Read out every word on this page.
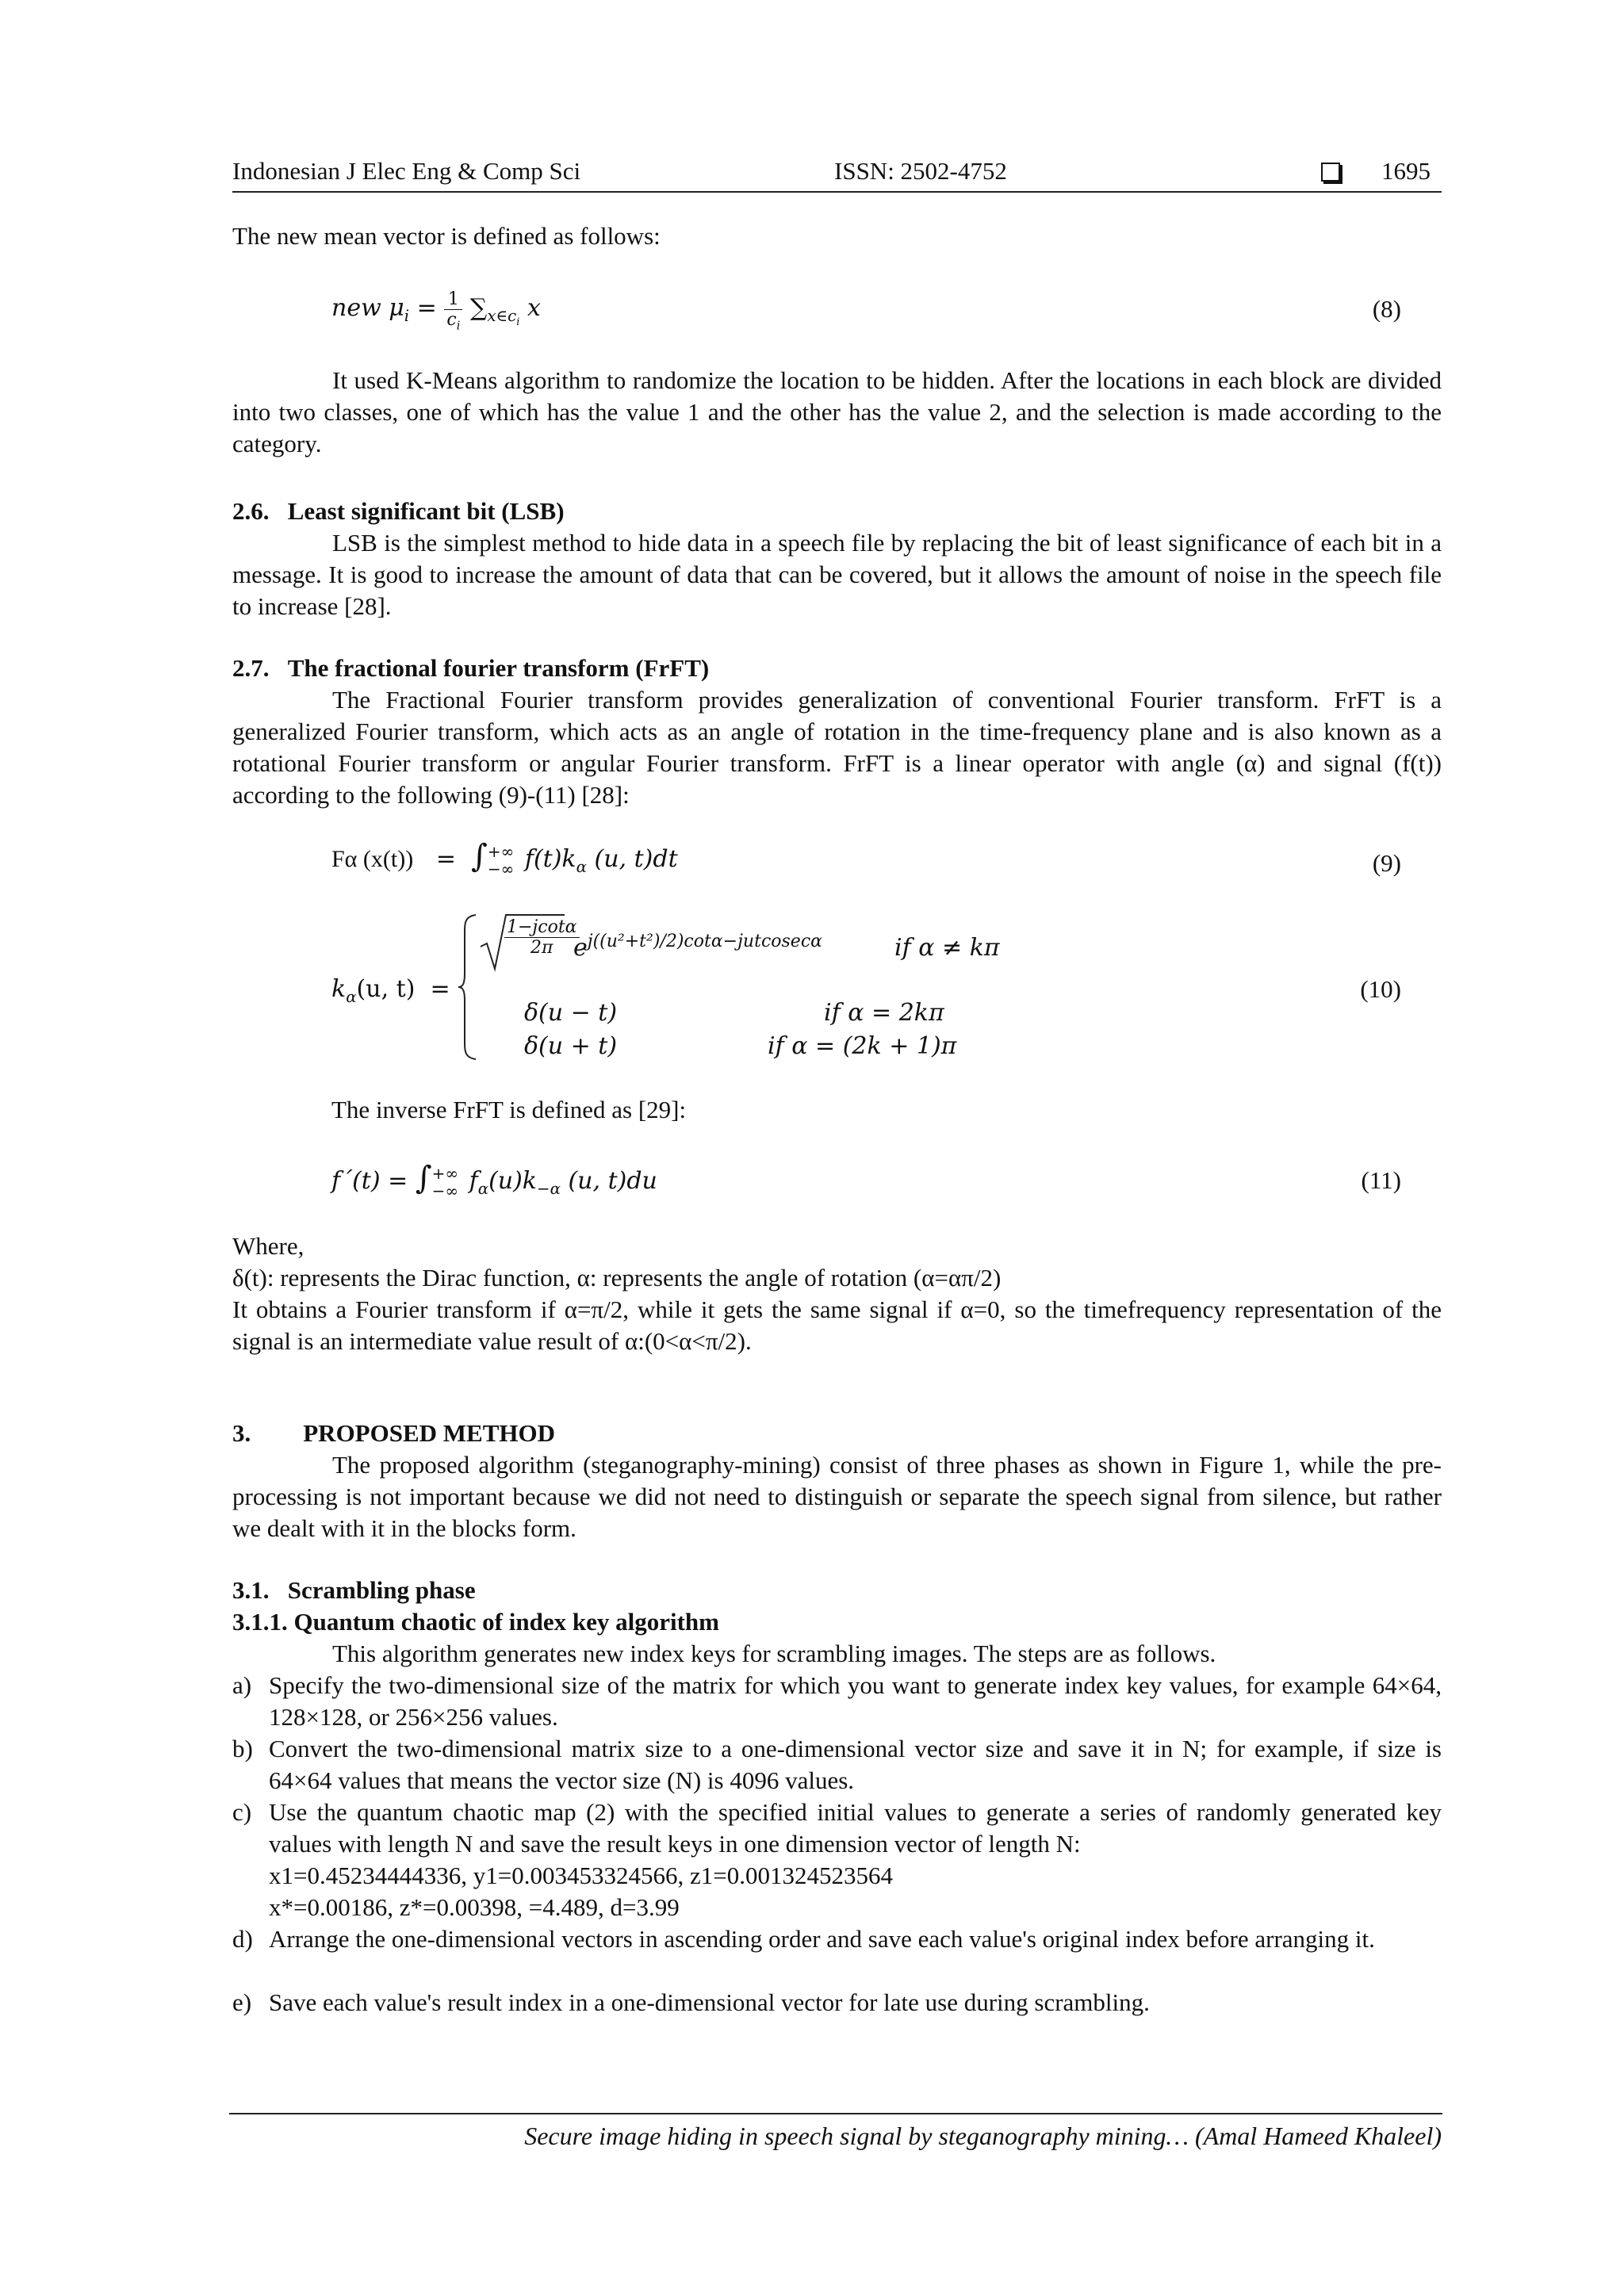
Indonesian J Elec Eng & Comp Sci	ISSN: 2502-4752	1695
The new mean vector is defined as follows:
new $\mu_i = \frac{1}{c_i} \sum_{x\in c_i}$ x	(8)
It used K-Means algorithm to randomize the location to be hidden. After the locations in each block are divided into two classes, one of which has the value 1 and the other has the value 2, and the selection is made according to the category.
2.6. Least significant bit (LSB)
LSB is the simplest method to hide data in a speech file by replacing the bit of least significance of each bit in a message. It is good to increase the amount of data that can be covered, but it allows the amount of noise in the speech file to increase [28].
2.7. The fractional fourier transform (FrFT)
The Fractional Fourier transform provides generalization of conventional Fourier transform. FrFT is a generalized Fourier transform, which acts as an angle of rotation in the time-frequency plane and is also known as a rotational Fourier transform or angular Fourier transform. FrFT is a linear operator with angle (α) and signal (f(t)) according to the following (9)-(11) [28]:
Fα (x(t)) = ∫ +∞
−∞ $f(t)k_\alpha$ (u, t)dt	(9)
$k_\alpha(u$, t) =
$\frac{1-jcot\alpha}{2\pi}$
$e^{j((u^2+t^2)/2)cot\alpha-jutcosec\alpha}$	if α ≠ kπ
δ(u − t)	if α = 2kπ
δ(u + t)	if α = (2k + 1)π
(10)
The inverse FrFT is defined as [29]:
f´(t) = ∫ +∞
−∞ $f_\alpha(u)k_{-\alpha}$ (u, t)du	(11)
Where,
δ(t): represents the Dirac function, α: represents the angle of rotation (α=απ/2)
It obtains a Fourier transform if α=π/2, while it gets the same signal if α=0, so the timefrequency representation of the signal is an intermediate value result of α:(0<α<π/2).
3. PROPOSED METHOD
The proposed algorithm (steganography-mining) consist of three phases as shown in Figure 1, while the pre-processing is not important because we did not need to distinguish or separate the speech signal from silence, but rather we dealt with it in the blocks form.
3.1. Scrambling phase
3.1.1. Quantum chaotic of index key algorithm
This algorithm generates new index keys for scrambling images. The steps are as follows.
a) Specify the two-dimensional size of the matrix for which you want to generate index key values, for example 64×64, 128×128, or 256×256 values.
b) Convert the two-dimensional matrix size to a one-dimensional vector size and save it in N; for example, if size is 64×64 values that means the vector size (N) is 4096 values.
c) Use the quantum chaotic map (2) with the specified initial values to generate a series of randomly generated key values with length N and save the result keys in one dimension vector of length N:
x1=0.45234444336, y1=0.003453324566, z1=0.001324523564
x*=0.00186, z*=0.00398, =4.489, d=3.99
d) Arrange the one-dimensional vectors in ascending order and save each value's original index before arranging it.
e) Save each value's result index in a one-dimensional vector for late use during scrambling.
Secure image hiding in speech signal by steganography mining… (Amal Hameed Khaleel)
